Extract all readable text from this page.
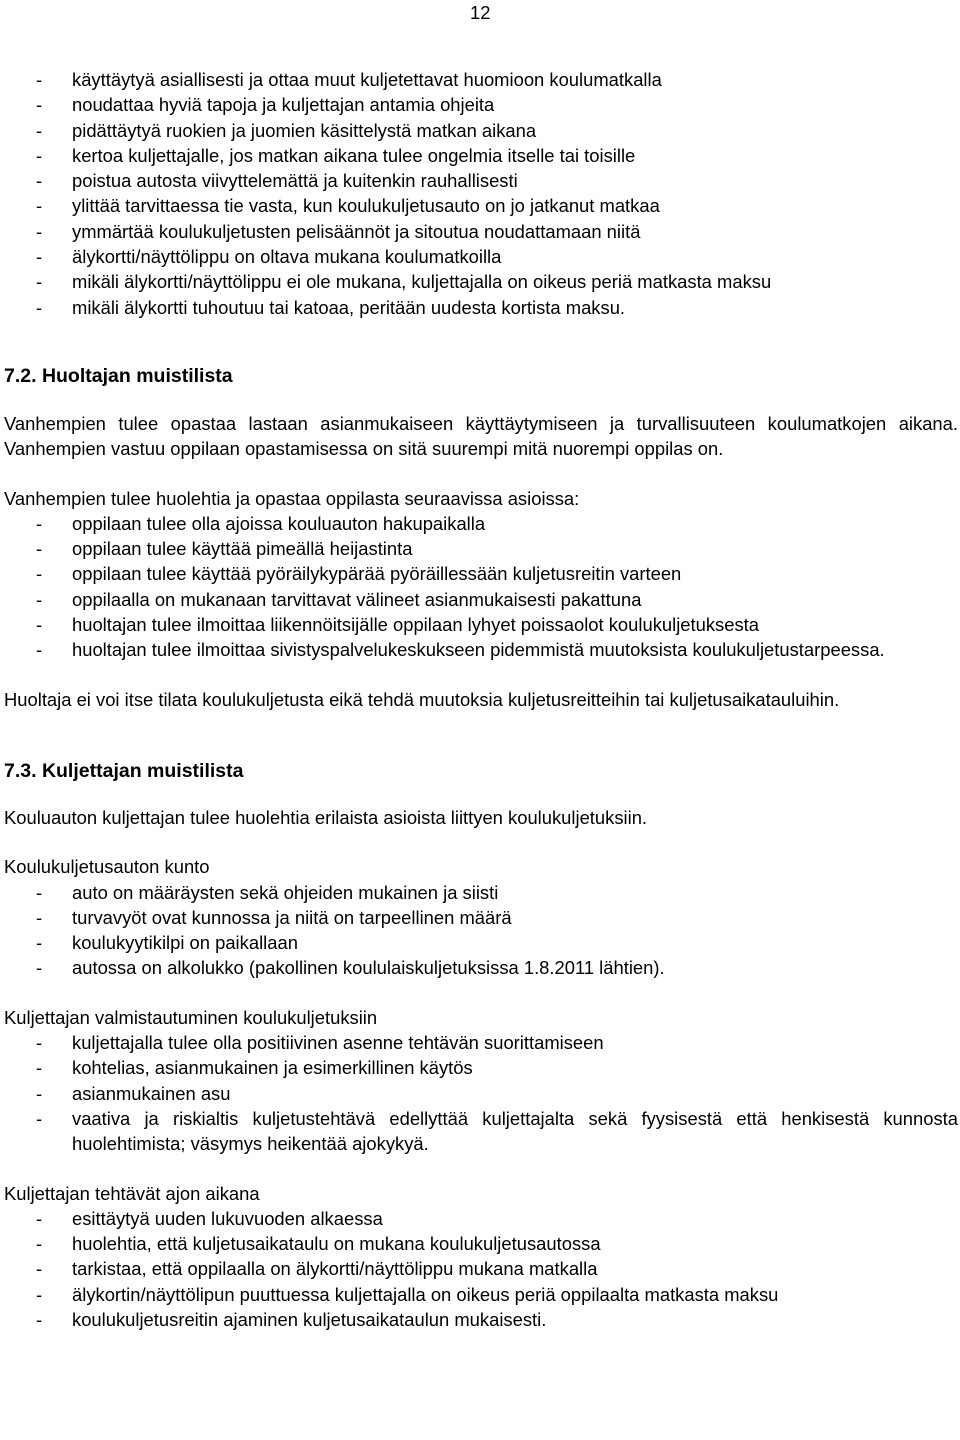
12
- käyttäytyä asiallisesti ja ottaa muut kuljetettavat huomioon koulumatkalla
- noudattaa hyviä tapoja ja kuljettajan antamia ohjeita
- pidättäytyä ruokien ja juomien käsittelystä matkan aikana
- kertoa kuljettajalle, jos matkan aikana tulee ongelmia itselle tai toisille
- poistua autosta viivyttelemättä ja kuitenkin rauhallisesti
- ylittää tarvittaessa tie vasta, kun koulukuljetusauto on jo jatkanut matkaa
- ymmärtää koulukuljetusten pelisäännöt ja sitoutua noudattamaan niitä
- älykortti/näyttölippu on oltava mukana koulumatkoilla
- mikäli älykortti/näyttölippu ei ole mukana, kuljettajalla on oikeus periä matkasta maksu
- mikäli älykortti tuhoutuu tai katoaa, peritään uudesta kortista maksu.
7.2. Huoltajan muistilista

Vanhempien tulee opastaa lastaan asianmukaiseen käyttäytymiseen ja turvallisuuteen koulumatkojen aikana. Vanhempien vastuu oppilaan opastamisessa on sitä suurempi mitä nuorempi oppilas on.

Vanhempien tulee huolehtia ja opastaa oppilasta seuraavissa asioissa:

- oppilaan tulee olla ajoissa kouluauton hakupaikalla
- oppilaan tulee käyttää pimeällä heijastinta
- oppilaan tulee käyttää pyöräilykypärää pyöräillessään kuljetusreitin varteen
- oppilaalla on mukanaan tarvittavat välineet asianmukaisesti pakattuna
- huoltajan tulee ilmoittaa liikennöitsijälle oppilaan lyhyet poissaolot koulukuljetuksesta
- huoltajan tulee ilmoittaa sivistyspalvelukeskukseen pidemmistä muutoksista koulukuljetustarpeessa.

Huoltaja ei voi itse tilata koulukuljetusta eikä tehdä muutoksia kuljetusreitteihin tai kuljetusaikatauluihin.

7.3. Kuljettajan muistilista

Kouluauton kuljettajan tulee huolehtia erilaista asioista liittyen koulukuljetuksiin.

Koulukuljetusauton kunto

- auto on määräysten sekä ohjeiden mukainen ja siisti
- turvavyöt ovat kunnossa ja niitä on tarpeellinen määrä
- koulukyytikilpi on paikallaan
- autossa on alkolukko (pakollinen koululaiskuljetuksissa 1.8.2011 lähtien).

Kuljettajan valmistautuminen koulukuljetuksiin

- kuljettajalla tulee olla positiivinen asenne tehtävän suorittamiseen
- kohtelias, asianmukainen ja esimerkillinen käytös
- asianmukainen asu
- vaativa ja riskialtis kuljetustehtävä edellyttää kuljettajalta sekä fyysisestä että henkisestä kunnosta huolehtimista; väsymys heikentää ajokykyä.

Kuljettajan tehtävät ajon aikana

- esittäytyä uuden lukuvuoden alkaessa
- huolehtia, että kuljetusaikataulu on mukana koulukuljetusautossa
- tarkistaa, että oppilaalla on älykortti/näyttölippu mukana matkalla
- älykortin/näyttölipun puuttuessa kuljettajalla on oikeus periä oppilaalta matkasta maksu
- koulukuljetusreitin ajaminen kuljetusaikataulun mukaisesti.
